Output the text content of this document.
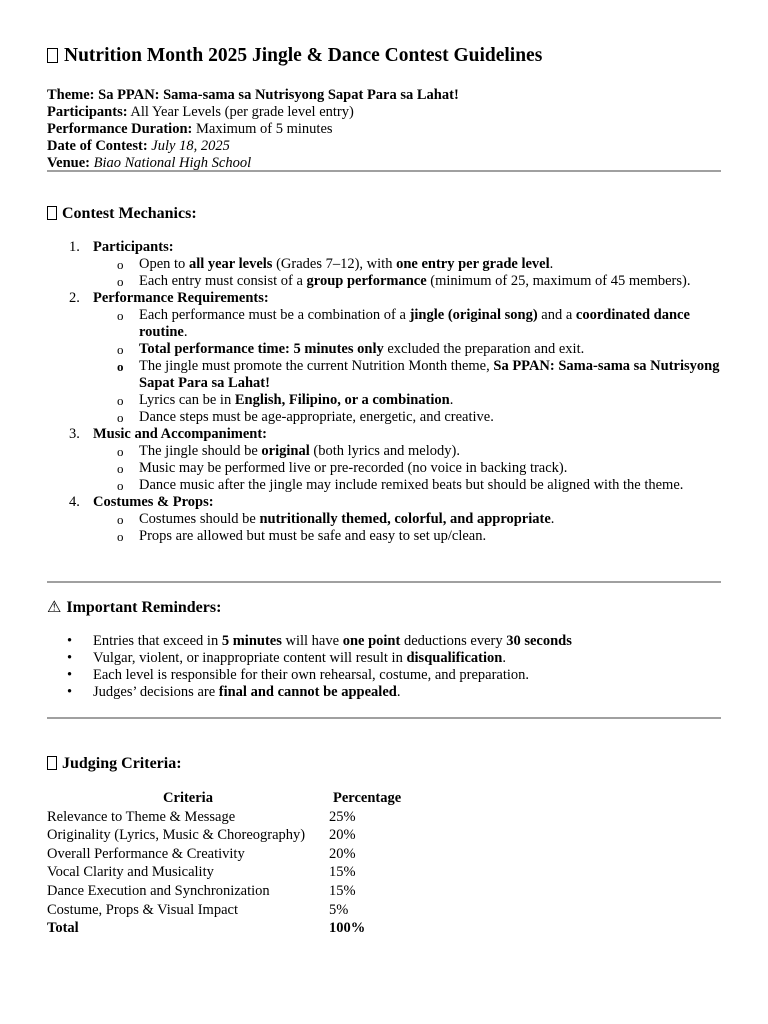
Nutrition Month 2025 Jingle & Dance Contest Guidelines
Theme: Sa PPAN: Sama-sama sa Nutrisyong Sapat Para sa Lahat!
Participants: All Year Levels (per grade level entry)
Performance Duration: Maximum of 5 minutes
Date of Contest: July 18, 2025
Venue: Biao National High School
Contest Mechanics:
1. Participants:
o Open to all year levels (Grades 7–12), with one entry per grade level.
o Each entry must consist of a group performance (minimum of 25, maximum of 45 members).
2. Performance Requirements:
o Each performance must be a combination of a jingle (original song) and a coordinated dance routine.
o Total performance time: 5 minutes only excluded the preparation and exit.
o The jingle must promote the current Nutrition Month theme, Sa PPAN: Sama-sama sa Nutrisyong Sapat Para sa Lahat!
o Lyrics can be in English, Filipino, or a combination.
o Dance steps must be age-appropriate, energetic, and creative.
3. Music and Accompaniment:
o The jingle should be original (both lyrics and melody).
o Music may be performed live or pre-recorded (no voice in backing track).
o Dance music after the jingle may include remixed beats but should be aligned with the theme.
4. Costumes & Props:
o Costumes should be nutritionally themed, colorful, and appropriate.
o Props are allowed but must be safe and easy to set up/clean.
⚠ Important Reminders:
• Entries that exceed in 5 minutes will have one point deductions every 30 seconds
• Vulgar, violent, or inappropriate content will result in disqualification.
• Each level is responsible for their own rehearsal, costume, and preparation.
• Judges’ decisions are final and cannot be appealed.
Judging Criteria:
Criteria	Percentage
Relevance to Theme & Message	25%
Originality (Lyrics, Music & Choreography)	20%
Overall Performance & Creativity	20%
Vocal Clarity and Musicality	15%
Dance Execution and Synchronization	15%
Costume, Props & Visual Impact	5%
Total	100%
